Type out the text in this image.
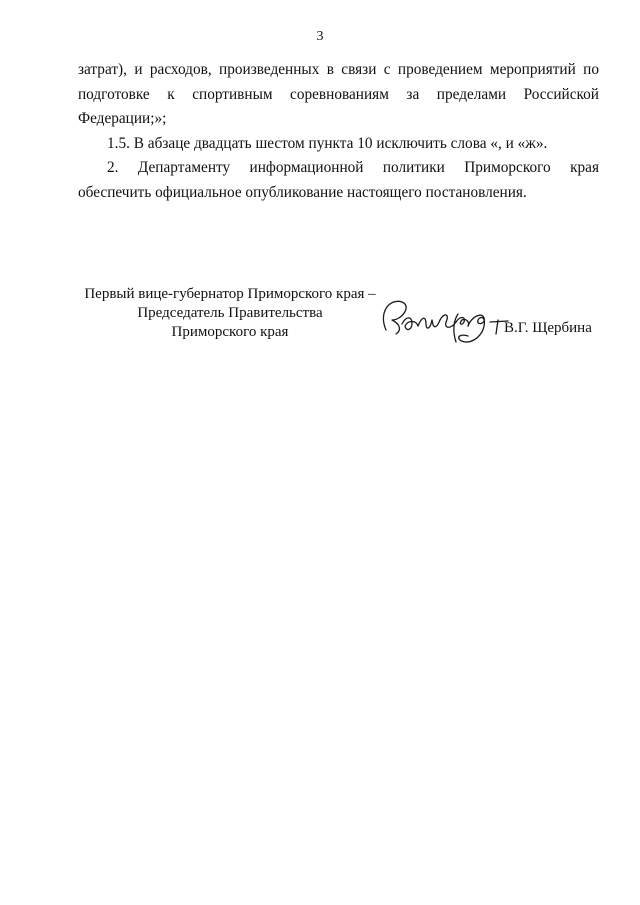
3

затрат), и расходов, произведенных в связи с проведением мероприятий по
подготовке к спортивным соревнованиям за пределами Российской
Федерации;»;

1.5. В абзаце двадцать шестом пункта 10 исключить слова «, и «ж».

2. Департаменту информационной политики Приморского края
обеспечить официальное опубликование настоящего постановления.

Первый вице-губернатор Приморского края –
Председатель Правительства
Приморского края	В.Г. Щербина
